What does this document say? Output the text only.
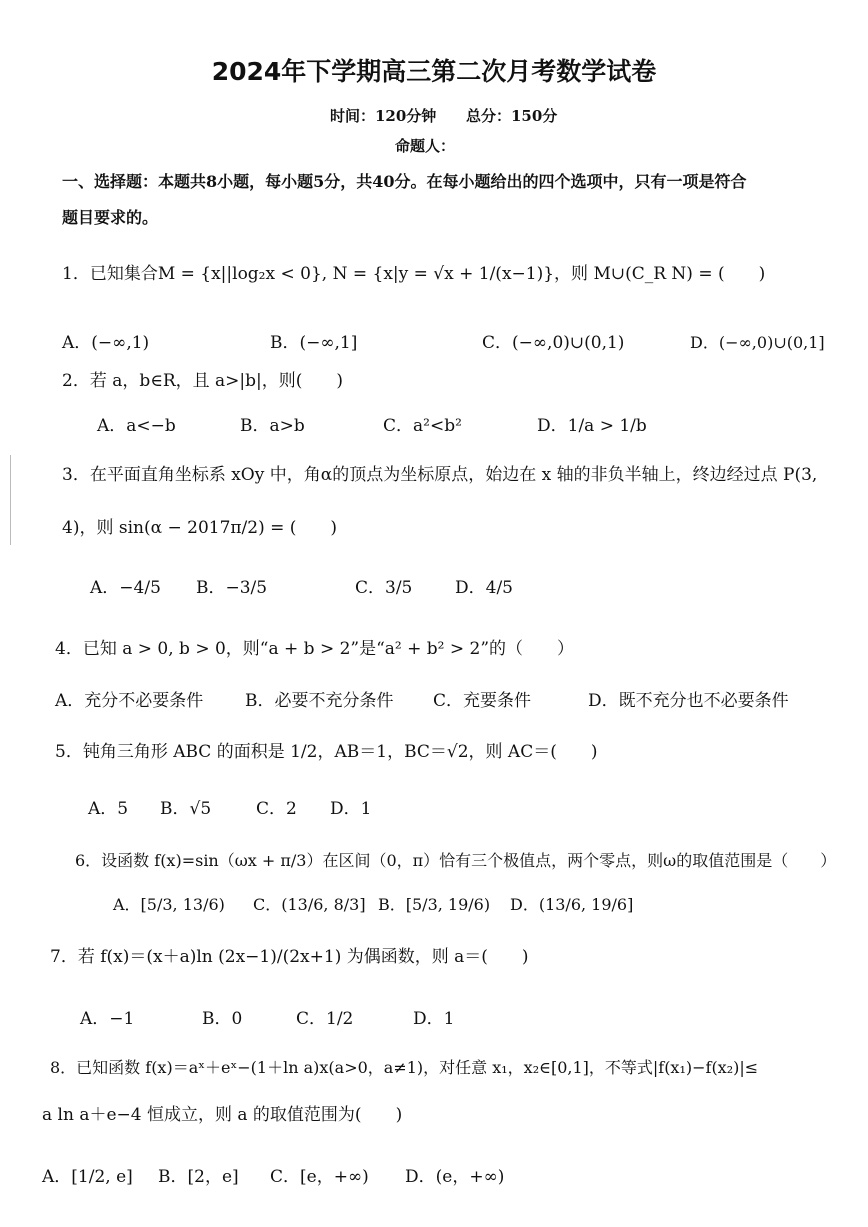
2024年下学期高三第二次月考数学试卷
时间：120分钟 总分：150分
命题人：
一、选择题：本题共8小题，每小题5分，共40分。在每小题给出的四个选项中，只有一项是符合
题目要求的。
1．已知集合M = {x||log₂x < 0}, N = {x|y = √x + 1/(x−1)}，则 M∪(C_R N) = (　　)
A．(−∞,1)	B．(−∞,1]	C．(−∞,0)∪(0,1)	D．(−∞,0)∪(0,1]
2．若 a，b∈R，且 a>|b|，则(　　)
A．a<−b	B．a>b	C．a²<b²	D．1/a > 1/b
3．在平面直角坐标系 xOy 中，角α的顶点为坐标原点，始边在 x 轴的非负半轴上，终边经过点 P(3,
4)，则 sin(α − 2017π/2) = (　　)
A．−4/5 B．−3/5	C．3/5	D．4/5
4．已知 a > 0, b > 0，则“a + b > 2”是“a² + b² > 2”的（　　）
A．充分不必要条件 B．必要不充分条件 C．充要条件	D．既不充分也不必要条件
5．钝角三角形 ABC 的面积是 1/2，AB＝1，BC＝√2，则 AC＝(　　)
A．5 B．√5	C．2 D．1
6．设函数 f(x)=sin（ωx + π/3）在区间（0，π）恰有三个极值点，两个零点，则ω的取值范围是（　　）
A．[5/3, 13/6)	B．[5/3, 19/6)
C．(13/6, 8/3]	D．(13/6, 19/6]
7．若 f(x)＝(x＋a)ln (2x−1)/(2x+1) 为偶函数，则 a＝(　　)
A．−1	B．0	C．1/2	D．1
8．已知函数 f(x)＝aˣ＋eˣ−(1＋ln a)x(a>0，a≠1)，对任意 x₁，x₂∈[0,1]，不等式|f(x₁)−f(x₂)|≤
a ln a＋e−4 恒成立，则 a 的取值范围为(　　)
A．[1/2, e] B．[2，e] C．[e，+∞) D．(e，+∞)
